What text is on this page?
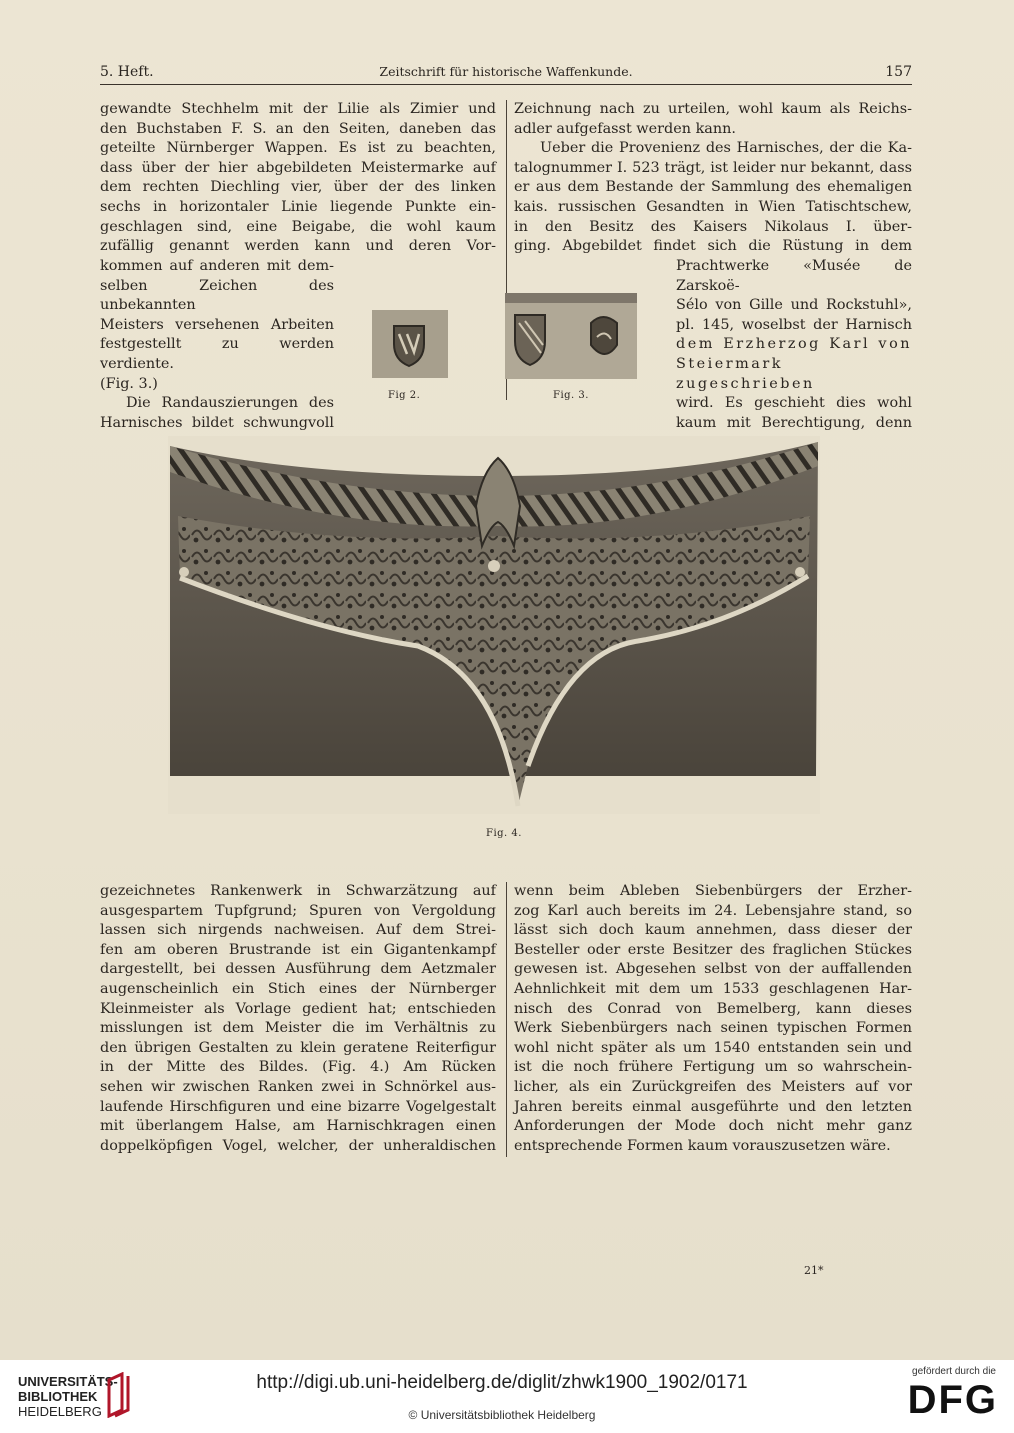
5. Heft.	Zeitschrift für historische Waffenkunde.	157

gewandte Stechhelm mit der Lilie als Zimier und

den Buchstaben F. S. an den Seiten, daneben das

geteilte Nürnberger Wappen. Es ist zu beachten,

dass über der hier abgebildeten Meistermarke auf

dem rechten Diechling vier, über der des linken

sechs in horizontaler Linie liegende Punkte ein-

geschlagen sind, eine Beigabe, die wohl kaum

zufällig genannt werden kann und deren Vor-

kommen auf anderen mit dem-

selben Zeichen des unbekannten

Meisters versehenen Arbeiten

festgestellt zu werden verdiente.

(Fig. 3.)

Die Randauszierungen des

Harnisches bildet schwungvoll

Zeichnung nach zu urteilen, wohl kaum als Reichs-

adler aufgefasst werden kann.

Ueber die Provenienz des Harnisches, der die Ka-

talognummer I. 523 trägt, ist leider nur bekannt, dass

er aus dem Bestande der Sammlung des ehemaligen

kais. russischen Gesandten in Wien Tatischtschew,

in den Besitz des Kaisers Nikolaus I. über-

ging. Abgebildet findet sich die Rüstung in dem

Prachtwerke «Musée de Zarskoë-

Sélo von Gille und Rockstuhl»,

pl. 145, woselbst der Harnisch

dem Erzherzog Karl von

Steiermark zugeschrieben

wird. Es geschieht dies wohl

kaum mit Berechtigung, denn

Fig 2.	Fig. 3.
Fig. 4.

gezeichnetes Rankenwerk in Schwarzätzung auf

ausgespartem Tupfgrund; Spuren von Vergoldung

lassen sich nirgends nachweisen. Auf dem Strei-

fen am oberen Brustrande ist ein Gigantenkampf

dargestellt, bei dessen Ausführung dem Aetzmaler

augenscheinlich ein Stich eines der Nürnberger

Kleinmeister als Vorlage gedient hat; entschieden

misslungen ist dem Meister die im Verhältnis zu

den übrigen Gestalten zu klein geratene Reiterfigur

in der Mitte des Bildes. (Fig. 4.) Am Rücken

sehen wir zwischen Ranken zwei in Schnörkel aus-

laufende Hirschfiguren und eine bizarre Vogelgestalt

mit überlangem Halse, am Harnischkragen einen

doppelköpfigen Vogel, welcher, der unheraldischen

wenn beim Ableben Siebenbürgers der Erzher-

zog Karl auch bereits im 24. Lebensjahre stand, so

lässt sich doch kaum annehmen, dass dieser der

Besteller oder erste Besitzer des fraglichen Stückes

gewesen ist. Abgesehen selbst von der auffallenden

Aehnlichkeit mit dem um 1533 geschlagenen Har-

nisch des Conrad von Bemelberg, kann dieses

Werk Siebenbürgers nach seinen typischen Formen

wohl nicht später als um 1540 entstanden sein und

ist die noch frühere Fertigung um so wahrschein-

licher, als ein Zurückgreifen des Meisters auf vor

Jahren bereits einmal ausgeführte und den letzten

Anforderungen der Mode doch nicht mehr ganz

entsprechende Formen kaum vorauszusetzen wäre.

21*
UNIVERSITÄTS-
BIBLIOTHEK
HEIDELBERG
http://digi.ub.uni-heidelberg.de/diglit/zhwk1900_1902/0171
© Universitätsbibliothek Heidelberg
gefördert durch die
DFG
